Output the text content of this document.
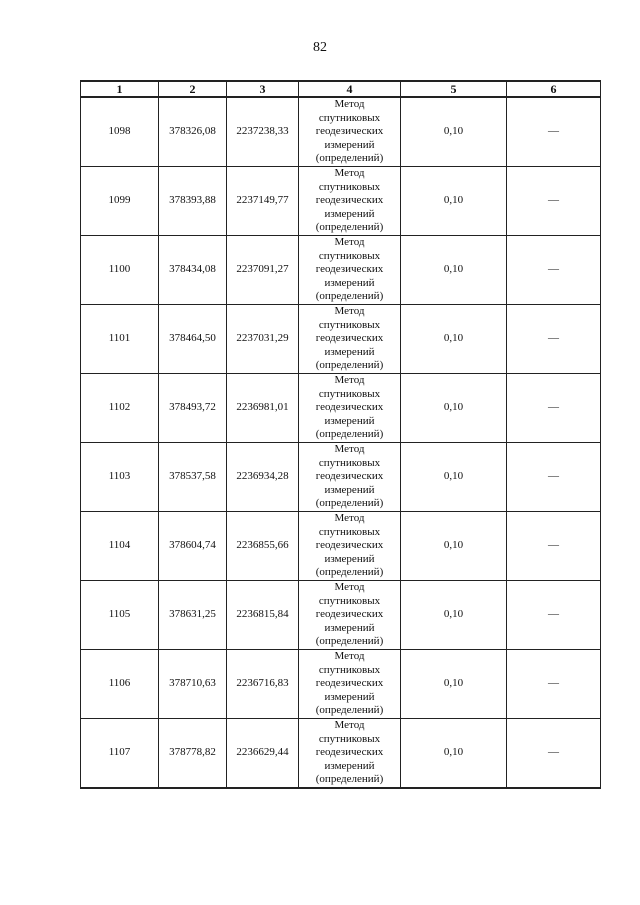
82
1	2	3	4	5	6
1098	378326,08	2237238,33	Метод
спутниковых
геодезических
измерений
(определений)	0,10	—
1099	378393,88	2237149,77	Метод
спутниковых
геодезических
измерений
(определений)	0,10	—
1100	378434,08	2237091,27	Метод
спутниковых
геодезических
измерений
(определений)	0,10	—
1101	378464,50	2237031,29	Метод
спутниковых
геодезических
измерений
(определений)	0,10	—
1102	378493,72	2236981,01	Метод
спутниковых
геодезических
измерений
(определений)	0,10	—
1103	378537,58	2236934,28	Метод
спутниковых
геодезических
измерений
(определений)	0,10	—
1104	378604,74	2236855,66	Метод
спутниковых
геодезических
измерений
(определений)	0,10	—
1105	378631,25	2236815,84	Метод
спутниковых
геодезических
измерений
(определений)	0,10	—
1106	378710,63	2236716,83	Метод
спутниковых
геодезических
измерений
(определений)	0,10	—
1107	378778,82	2236629,44	Метод
спутниковых
геодезических
измерений
(определений)	0,10	—
